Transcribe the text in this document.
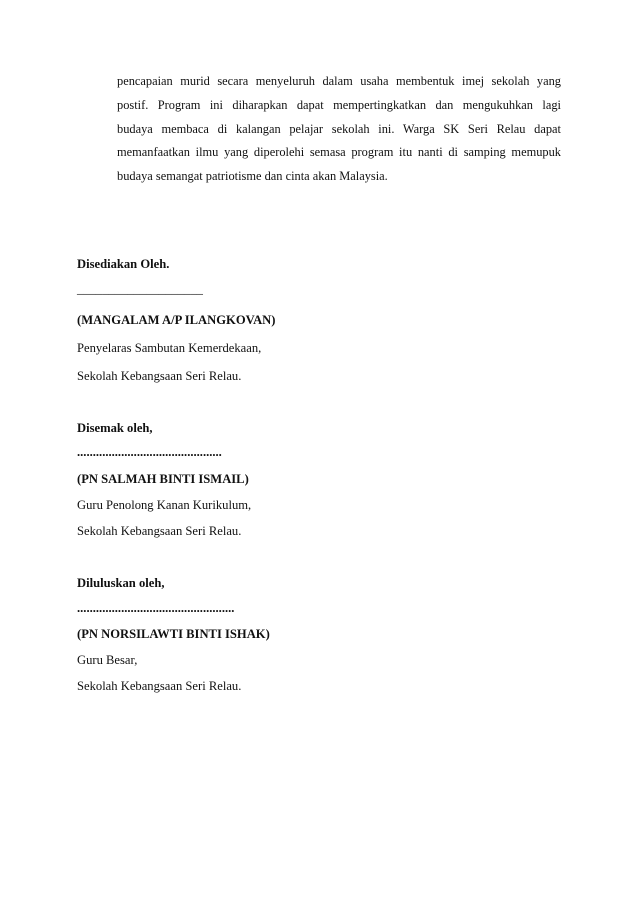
pencapaian murid secara menyeluruh dalam usaha membentuk imej sekolah yang
postif. Program ini diharapkan dapat mempertingkatkan dan mengukuhkan lagi
budaya membaca di kalangan pelajar sekolah ini. Warga SK Seri Relau dapat
memanfaatkan ilmu yang diperolehi semasa program itu nanti di samping memupuk
budaya semangat patriotisme dan cinta akan Malaysia.
Disediakan Oleh.
____________________
(MANGALAM A/P ILANGKOVAN)
Penyelaras Sambutan Kemerdekaan,
Sekolah Kebangsaan Seri Relau.
Disemak oleh,
..............................................
(PN SALMAH BINTI ISMAIL)
Guru Penolong Kanan Kurikulum,
Sekolah Kebangsaan Seri Relau.
Diluluskan oleh,
..................................................
(PN NORSILAWTI BINTI ISHAK)
Guru Besar,
Sekolah Kebangsaan Seri Relau.
